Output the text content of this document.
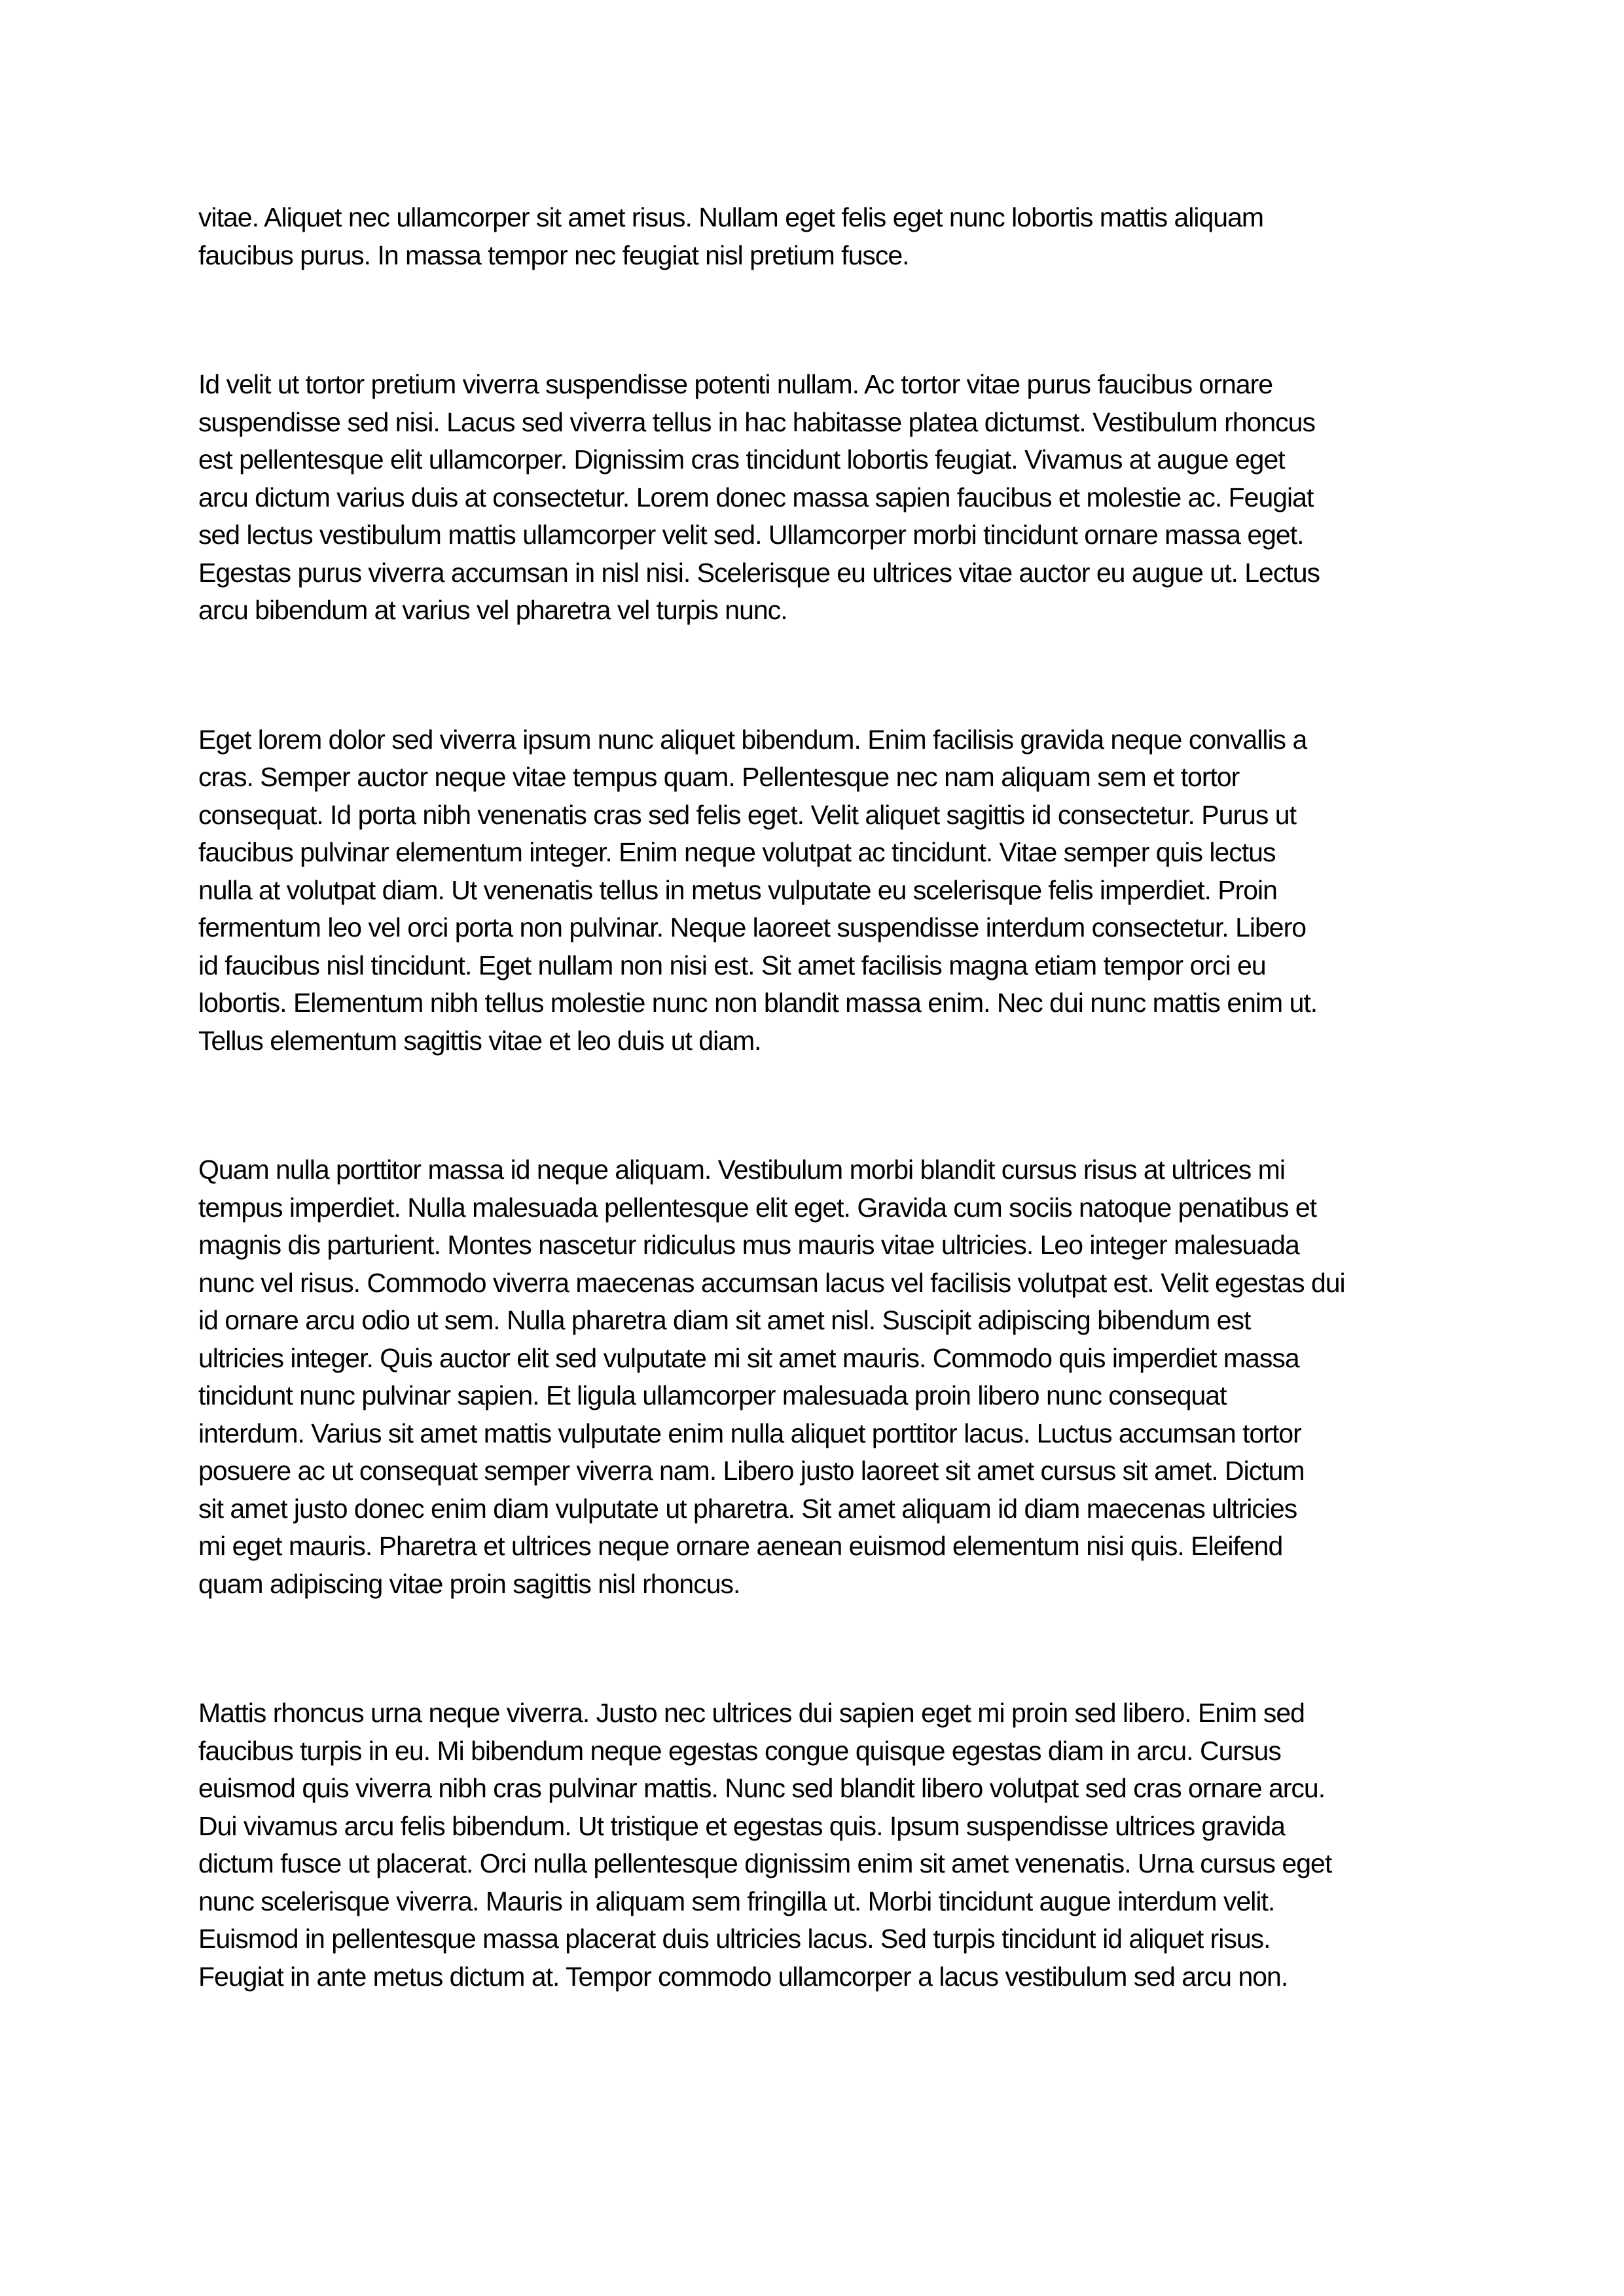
vitae. Aliquet nec ullamcorper sit amet risus. Nullam eget felis eget nunc lobortis mattis aliquam
faucibus purus. In massa tempor nec feugiat nisl pretium fusce.

Id velit ut tortor pretium viverra suspendisse potenti nullam. Ac tortor vitae purus faucibus ornare
suspendisse sed nisi. Lacus sed viverra tellus in hac habitasse platea dictumst. Vestibulum rhoncus
est pellentesque elit ullamcorper. Dignissim cras tincidunt lobortis feugiat. Vivamus at augue eget
arcu dictum varius duis at consectetur. Lorem donec massa sapien faucibus et molestie ac. Feugiat
sed lectus vestibulum mattis ullamcorper velit sed. Ullamcorper morbi tincidunt ornare massa eget.
Egestas purus viverra accumsan in nisl nisi. Scelerisque eu ultrices vitae auctor eu augue ut. Lectus
arcu bibendum at varius vel pharetra vel turpis nunc.

Eget lorem dolor sed viverra ipsum nunc aliquet bibendum. Enim facilisis gravida neque convallis a
cras. Semper auctor neque vitae tempus quam. Pellentesque nec nam aliquam sem et tortor
consequat. Id porta nibh venenatis cras sed felis eget. Velit aliquet sagittis id consectetur. Purus ut
faucibus pulvinar elementum integer. Enim neque volutpat ac tincidunt. Vitae semper quis lectus
nulla at volutpat diam. Ut venenatis tellus in metus vulputate eu scelerisque felis imperdiet. Proin
fermentum leo vel orci porta non pulvinar. Neque laoreet suspendisse interdum consectetur. Libero
id faucibus nisl tincidunt. Eget nullam non nisi est. Sit amet facilisis magna etiam tempor orci eu
lobortis. Elementum nibh tellus molestie nunc non blandit massa enim. Nec dui nunc mattis enim ut.
Tellus elementum sagittis vitae et leo duis ut diam.

Quam nulla porttitor massa id neque aliquam. Vestibulum morbi blandit cursus risus at ultrices mi
tempus imperdiet. Nulla malesuada pellentesque elit eget. Gravida cum sociis natoque penatibus et
magnis dis parturient. Montes nascetur ridiculus mus mauris vitae ultricies. Leo integer malesuada
nunc vel risus. Commodo viverra maecenas accumsan lacus vel facilisis volutpat est. Velit egestas dui
id ornare arcu odio ut sem. Nulla pharetra diam sit amet nisl. Suscipit adipiscing bibendum est
ultricies integer. Quis auctor elit sed vulputate mi sit amet mauris. Commodo quis imperdiet massa
tincidunt nunc pulvinar sapien. Et ligula ullamcorper malesuada proin libero nunc consequat
interdum. Varius sit amet mattis vulputate enim nulla aliquet porttitor lacus. Luctus accumsan tortor
posuere ac ut consequat semper viverra nam. Libero justo laoreet sit amet cursus sit amet. Dictum
sit amet justo donec enim diam vulputate ut pharetra. Sit amet aliquam id diam maecenas ultricies
mi eget mauris. Pharetra et ultrices neque ornare aenean euismod elementum nisi quis. Eleifend
quam adipiscing vitae proin sagittis nisl rhoncus.

Mattis rhoncus urna neque viverra. Justo nec ultrices dui sapien eget mi proin sed libero. Enim sed
faucibus turpis in eu. Mi bibendum neque egestas congue quisque egestas diam in arcu. Cursus
euismod quis viverra nibh cras pulvinar mattis. Nunc sed blandit libero volutpat sed cras ornare arcu.
Dui vivamus arcu felis bibendum. Ut tristique et egestas quis. Ipsum suspendisse ultrices gravida
dictum fusce ut placerat. Orci nulla pellentesque dignissim enim sit amet venenatis. Urna cursus eget
nunc scelerisque viverra. Mauris in aliquam sem fringilla ut. Morbi tincidunt augue interdum velit.
Euismod in pellentesque massa placerat duis ultricies lacus. Sed turpis tincidunt id aliquet risus.
Feugiat in ante metus dictum at. Tempor commodo ullamcorper a lacus vestibulum sed arcu non.
